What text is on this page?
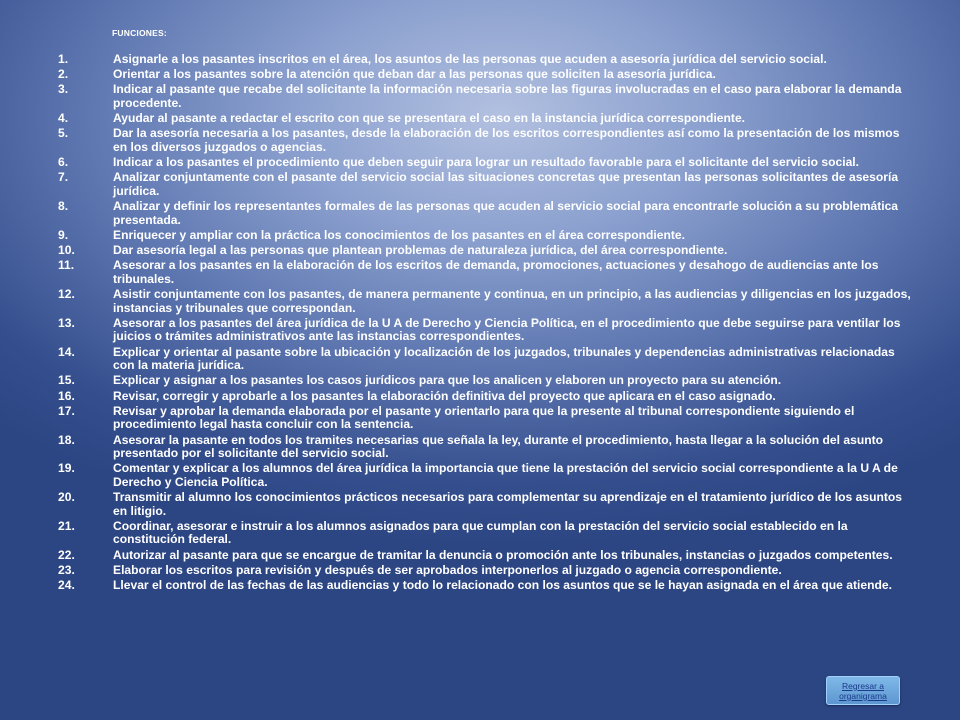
FUNCIONES:
1.	Asignarle a los pasantes inscritos en el área, los asuntos de las personas que acuden a asesoría jurídica del servicio social.
2.	Orientar a los pasantes sobre la atención que deban dar a las personas que soliciten la asesoría jurídica.
3.	Indicar al pasante que recabe del solicitante la información necesaria sobre las figuras involucradas en el caso para elaborar la demanda procedente.
4.	Ayudar al pasante a redactar el escrito con que se presentara el caso en la instancia jurídica correspondiente.
5.	Dar la asesoría necesaria a los pasantes, desde la elaboración de los escritos correspondientes así como la presentación de los mismos en los diversos juzgados o agencias.
6.	Indicar a los pasantes el procedimiento que deben seguir para lograr un resultado favorable para el solicitante del servicio social.
7.	Analizar conjuntamente con el pasante del servicio social las situaciones concretas que presentan las personas solicitantes de asesoría jurídica.
8.	Analizar y definir los representantes formales de las personas que acuden al servicio social para encontrarle solución a su problemática presentada.
9.	Enriquecer y ampliar con la práctica los conocimientos de los pasantes en el área correspondiente.
10.	Dar asesoría legal a las personas que plantean problemas de naturaleza jurídica, del área correspondiente.
11.	Asesorar a los pasantes en la elaboración de los escritos de demanda, promociones, actuaciones y desahogo de audiencias ante los tribunales.
12.	Asistir conjuntamente con los pasantes, de manera permanente y continua, en un principio, a las audiencias y diligencias en los juzgados, instancias y tribunales que correspondan.
13.	Asesorar a los pasantes del área jurídica de la U A de Derecho y Ciencia Política, en el procedimiento que debe seguirse para ventilar los juicios o trámites administrativos ante las instancias correspondientes.
14.	Explicar y orientar al pasante sobre la ubicación y localización de los juzgados, tribunales y dependencias administrativas relacionadas con la materia jurídica.
15.	Explicar y asignar a los pasantes los casos jurídicos para que los analicen y elaboren un proyecto para su atención.
16.	Revisar, corregir y aprobarle a los pasantes la elaboración definitiva del proyecto que aplicara en el caso asignado.
17.	Revisar y aprobar la demanda elaborada por el pasante y orientarlo para que la presente al tribunal correspondiente siguiendo el procedimiento legal hasta concluir con la sentencia.
18.	Asesorar la pasante en todos los tramites necesarias que señala la ley, durante el procedimiento, hasta llegar a la solución del asunto presentado por el solicitante del servicio social.
19.	Comentar y explicar a los alumnos del área jurídica la importancia que tiene la prestación del servicio social correspondiente a la U A de Derecho y Ciencia Política.
20.	Transmitir al alumno los conocimientos prácticos necesarios para complementar su aprendizaje en el tratamiento jurídico de los asuntos en litigio.
21.	Coordinar, asesorar e instruir a los alumnos asignados para que cumplan con la prestación del servicio social establecido en la constitución federal.
22.	Autorizar al pasante para que se encargue de tramitar la denuncia o promoción ante los tribunales, instancias o juzgados competentes.
23.	Elaborar los escritos para revisión y después de ser aprobados interponerlos al juzgado o agencia correspondiente.
24.	Llevar el control de las fechas de las audiencias y todo lo relacionado con los asuntos que se le hayan asignada en el área que atiende.
Regresar a organigrama
